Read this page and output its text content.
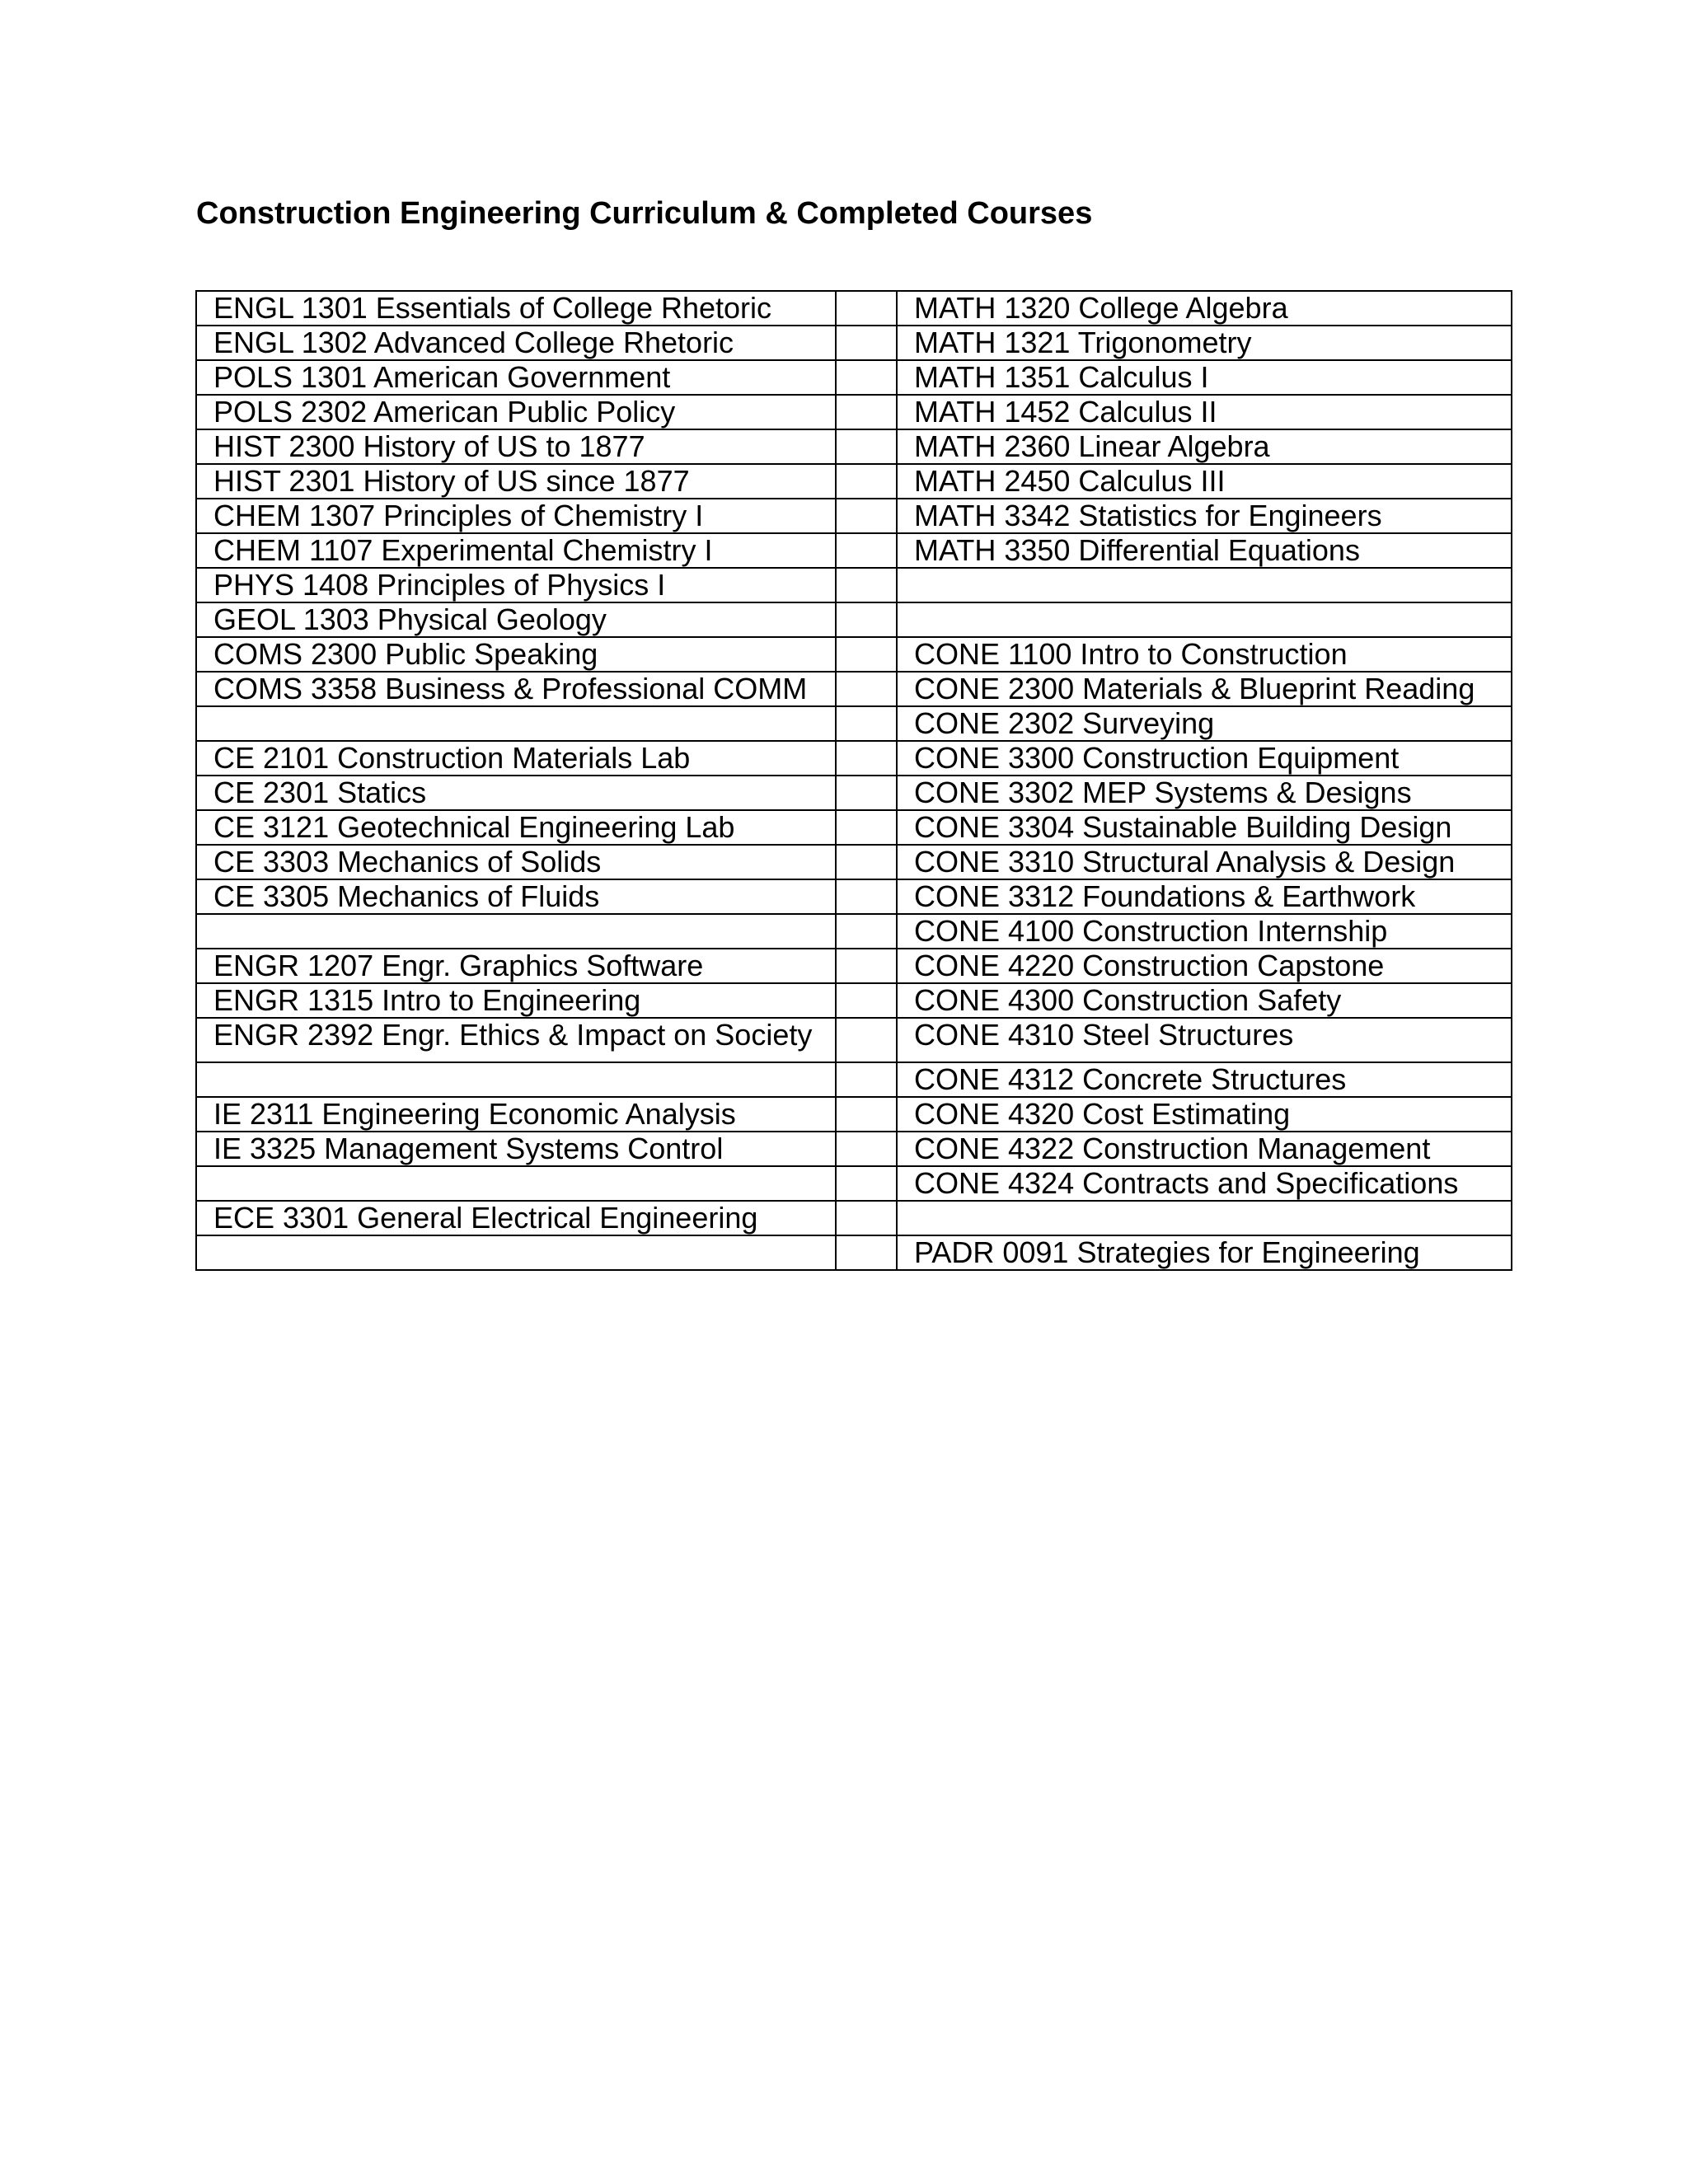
Construction Engineering Curriculum & Completed Courses
ENGL 1301 Essentials of College Rhetoric		MATH 1320 College Algebra
ENGL 1302 Advanced College Rhetoric		MATH 1321 Trigonometry
POLS 1301 American Government		MATH 1351 Calculus I
POLS 2302 American Public Policy		MATH 1452 Calculus II
HIST 2300 History of US to 1877		MATH 2360 Linear Algebra
HIST 2301 History of US since 1877		MATH 2450 Calculus III
CHEM 1307 Principles of Chemistry I		MATH 3342 Statistics for Engineers
CHEM 1107 Experimental Chemistry I		MATH 3350 Differential Equations
PHYS 1408 Principles of Physics I		
GEOL 1303 Physical Geology		
COMS 2300 Public Speaking		CONE 1100 Intro to Construction
COMS 3358 Business & Professional COMM		CONE 2300 Materials & Blueprint Reading
		CONE 2302 Surveying
CE 2101 Construction Materials Lab		CONE 3300 Construction Equipment
CE 2301 Statics		CONE 3302 MEP Systems & Designs
CE 3121 Geotechnical Engineering Lab		CONE 3304 Sustainable Building Design
CE 3303 Mechanics of Solids		CONE 3310 Structural Analysis & Design
CE 3305 Mechanics of Fluids		CONE 3312 Foundations & Earthwork
		CONE 4100 Construction Internship
ENGR 1207 Engr. Graphics Software		CONE 4220 Construction Capstone
ENGR 1315 Intro to Engineering		CONE 4300 Construction Safety
ENGR 2392 Engr. Ethics & Impact on Society		CONE 4310 Steel Structures
		CONE 4312 Concrete Structures
IE 2311 Engineering Economic Analysis		CONE 4320 Cost Estimating
IE 3325 Management Systems Control		CONE 4322 Construction Management
		CONE 4324 Contracts and Specifications
ECE 3301 General Electrical Engineering		
		PADR 0091 Strategies for Engineering
